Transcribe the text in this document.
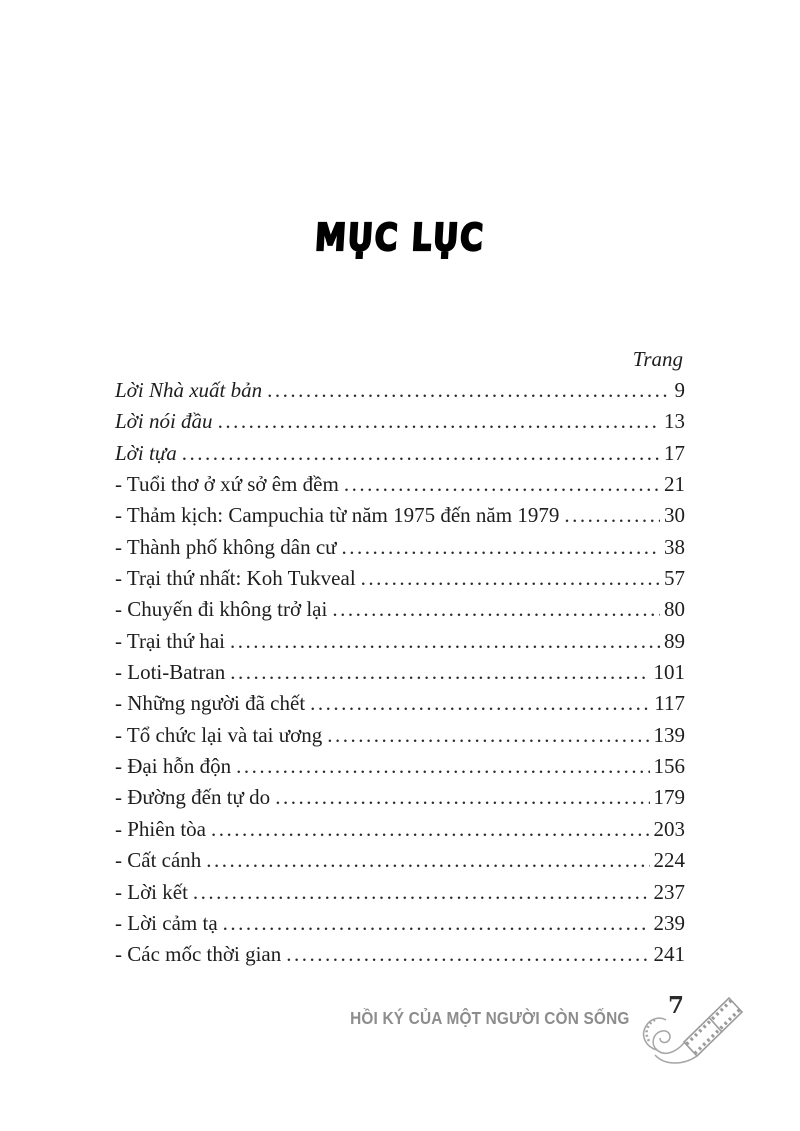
MỤC LỤC
Trang
Lời Nhà xuất bản .....	9
Lời nói đầu .....	13
Lời tựa .....	17
- Tuổi thơ ở xứ sở êm đềm .....	21
- Thảm kịch: Campuchia từ năm 1975 đến năm 1979 .....	30
- Thành phố không dân cư .....	38
- Trại thứ nhất: Koh Tukveal .....	57
- Chuyến đi không trở lại .....	80
- Trại thứ hai .....	89
- Loti-Batran .....	101
- Những người đã chết .....	117
- Tổ chức lại và tai ương .....	139
- Đại hỗn độn .....	156
- Đường đến tự do .....	179
- Phiên tòa .....	203
- Cất cánh .....	224
- Lời kết .....	237
- Lời cảm tạ .....	239
- Các mốc thời gian .....	241
HỒI KÝ CỦA MỘT NGƯỜI CÒN SỐNG 7
